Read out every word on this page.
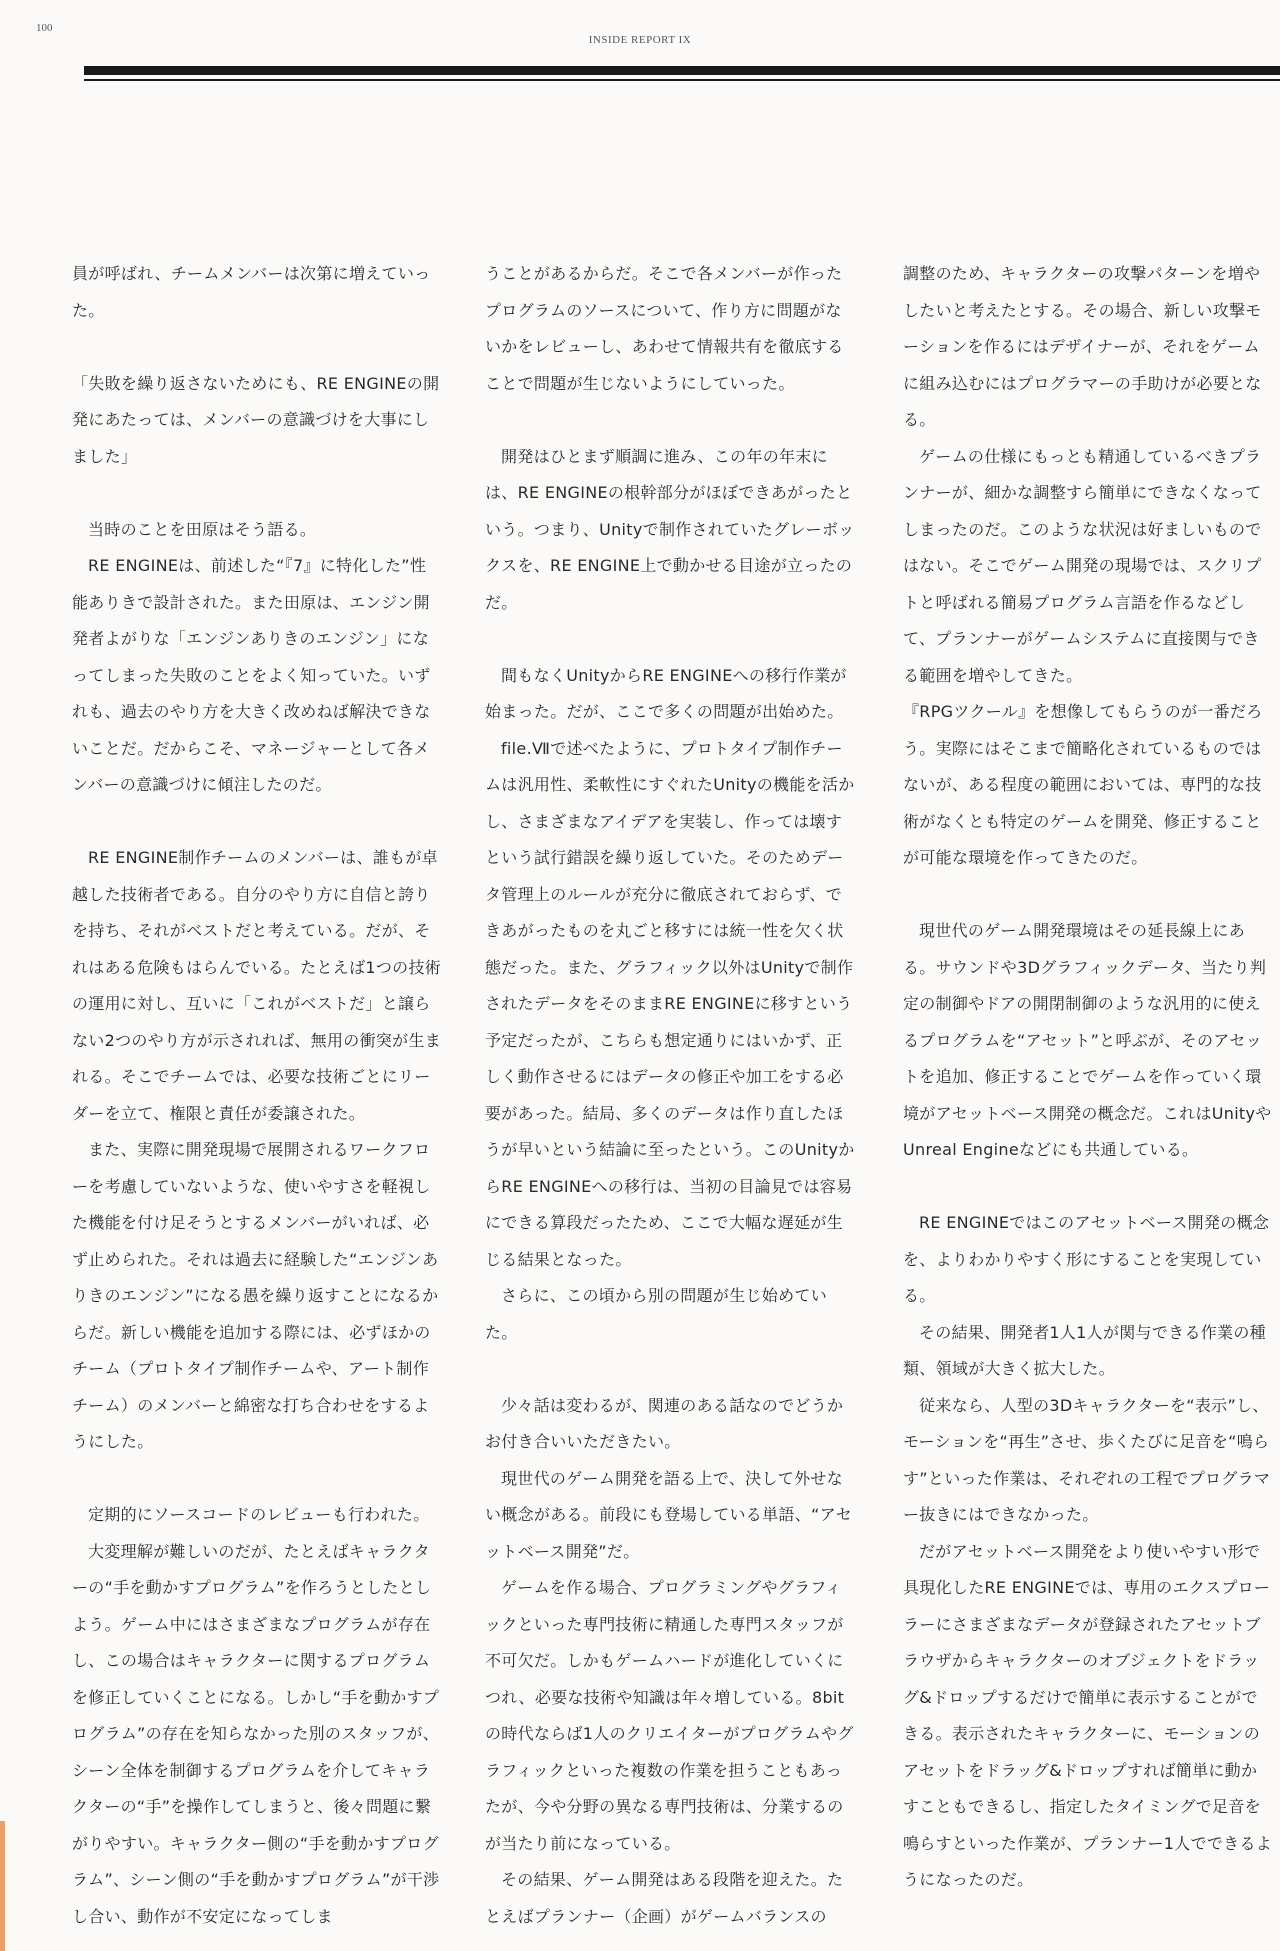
100
INSIDE REPORT IX

員が呼ばれ、チームメンバーは次第に増えていった。

「失敗を繰り返さないためにも、RE ENGINEの開発にあたっては、メンバーの意識づけを大事にしました」

当時のことを田原はそう語る。

RE ENGINEは、前述した“『7』に特化した”性能ありきで設計された。また田原は、エンジン開発者よがりな「エンジンありきのエンジン」になってしまった失敗のことをよく知っていた。いずれも、過去のやり方を大きく改めねば解決できないことだ。だからこそ、マネージャーとして各メンバーの意識づけに傾注したのだ。

RE ENGINE制作チームのメンバーは、誰もが卓越した技術者である。自分のやり方に自信と誇りを持ち、それがベストだと考えている。だが、それはある危険もはらんでいる。たとえば1つの技術の運用に対し、互いに「これがベストだ」と譲らない2つのやり方が示されれば、無用の衝突が生まれる。そこでチームでは、必要な技術ごとにリーダーを立て、権限と責任が委譲された。

また、実際に開発現場で展開されるワークフローを考慮していないような、使いやすさを軽視した機能を付け足そうとするメンバーがいれば、必ず止められた。それは過去に経験した“エンジンありきのエンジン”になる愚を繰り返すことになるからだ。新しい機能を追加する際には、必ずほかのチーム（プロトタイプ制作チームや、アート制作チーム）のメンバーと綿密な打ち合わせをするようにした。

定期的にソースコードのレビューも行われた。

大変理解が難しいのだが、たとえばキャラクターの“手を動かすプログラム”を作ろうとしたとしよう。ゲーム中にはさまざまなプログラムが存在し、この場合はキャラクターに関するプログラムを修正していくことになる。しかし“手を動かすプログラム”の存在を知らなかった別のスタッフが、シーン全体を制御するプログラムを介してキャラクターの“手”を操作してしまうと、後々問題に繋がりやすい。キャラクター側の“手を動かすプログラム”、シーン側の“手を動かすプログラム”が干渉し合い、動作が不安定になってしま

うことがあるからだ。そこで各メンバーが作ったプログラムのソースについて、作り方に問題がないかをレビューし、あわせて情報共有を徹底することで問題が生じないようにしていった。

開発はひとまず順調に進み、この年の年末には、RE ENGINEの根幹部分がほぼできあがったという。つまり、Unityで制作されていたグレーボックスを、RE ENGINE上で動かせる目途が立ったのだ。

間もなくUnityからRE ENGINEへの移行作業が始まった。だが、ここで多くの問題が出始めた。

file.Ⅶで述べたように、プロトタイプ制作チームは汎用性、柔軟性にすぐれたUnityの機能を活かし、さまざまなアイデアを実装し、作っては壊すという試行錯誤を繰り返していた。そのためデータ管理上のルールが充分に徹底されておらず、できあがったものを丸ごと移すには統一性を欠く状態だった。また、グラフィック以外はUnityで制作されたデータをそのままRE ENGINEに移すという予定だったが、こちらも想定通りにはいかず、正しく動作させるにはデータの修正や加工をする必要があった。結局、多くのデータは作り直したほうが早いという結論に至ったという。このUnityからRE ENGINEへの移行は、当初の目論見では容易にできる算段だったため、ここで大幅な遅延が生じる結果となった。

さらに、この頃から別の問題が生じ始めていた。

少々話は変わるが、関連のある話なのでどうかお付き合いいただきたい。

現世代のゲーム開発を語る上で、決して外せない概念がある。前段にも登場している単語、“アセットベース開発”だ。

ゲームを作る場合、プログラミングやグラフィックといった専門技術に精通した専門スタッフが不可欠だ。しかもゲームハードが進化していくにつれ、必要な技術や知識は年々増している。8bitの時代ならば1人のクリエイターがプログラムやグラフィックといった複数の作業を担うこともあったが、今や分野の異なる専門技術は、分業するのが当たり前になっている。

その結果、ゲーム開発はある段階を迎えた。たとえばプランナー（企画）がゲームバランスの

調整のため、キャラクターの攻撃パターンを増やしたいと考えたとする。その場合、新しい攻撃モーションを作るにはデザイナーが、それをゲームに組み込むにはプログラマーの手助けが必要となる。

ゲームの仕様にもっとも精通しているべきプランナーが、細かな調整すら簡単にできなくなってしまったのだ。このような状況は好ましいものではない。そこでゲーム開発の現場では、スクリプトと呼ばれる簡易プログラム言語を作るなどして、プランナーがゲームシステムに直接関与できる範囲を増やしてきた。

『RPGツクール』を想像してもらうのが一番だろう。実際にはそこまで簡略化されているものではないが、ある程度の範囲においては、専門的な技術がなくとも特定のゲームを開発、修正することが可能な環境を作ってきたのだ。

現世代のゲーム開発環境はその延長線上にある。サウンドや3Dグラフィックデータ、当たり判定の制御やドアの開閉制御のような汎用的に使えるプログラムを“アセット”と呼ぶが、そのアセットを追加、修正することでゲームを作っていく環境がアセットベース開発の概念だ。これはUnityやUnreal Engineなどにも共通している。

RE ENGINEではこのアセットベース開発の概念を、よりわかりやすく形にすることを実現している。

その結果、開発者1人1人が関与できる作業の種類、領域が大きく拡大した。

従来なら、人型の3Dキャラクターを“表示”し、モーションを“再生”させ、歩くたびに足音を“鳴らす”といった作業は、それぞれの工程でプログラマー抜きにはできなかった。

だがアセットベース開発をより使いやすい形で具現化したRE ENGINEでは、専用のエクスプローラーにさまざまなデータが登録されたアセットブラウザからキャラクターのオブジェクトをドラッグ&ドロップするだけで簡単に表示することができる。表示されたキャラクターに、モーションのアセットをドラッグ&ドロップすれば簡単に動かすこともできるし、指定したタイミングで足音を鳴らすといった作業が、プランナー1人でできるようになったのだ。
